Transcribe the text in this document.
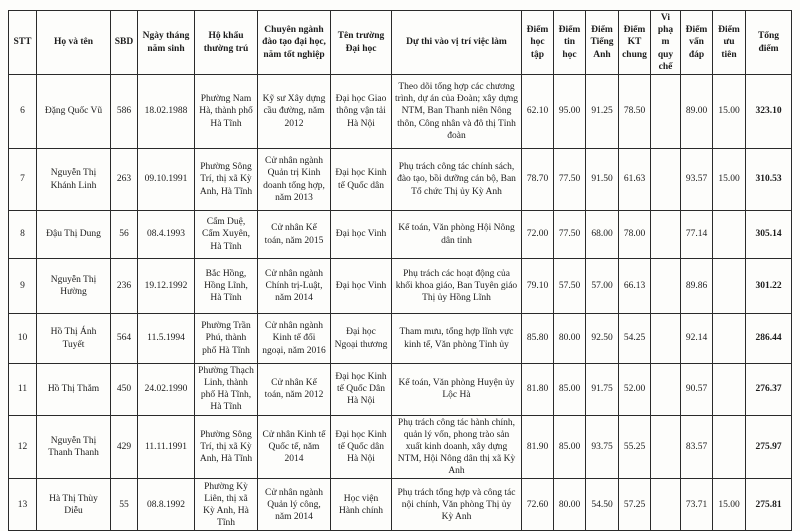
STT	Họ và tên	SBD	Ngày tháng năm sinh	Hộ khẩu thường trú	Chuyên ngành đào tạo đại học, năm tốt nghiệp	Tên trường Đại học	Dự thi vào vị trí việc làm	Điểm học tập	Điểm tin học	Điểm Tiếng Anh	Điểm KT chung	Vi phạm quy chế	Điểm vấn đáp	Điểm ưu tiên	Tổng điểm
6	Đặng Quốc Vũ	586	18.02.1988	Phường Nam Hà, thành phố Hà Tĩnh	Kỹ sư Xây dựng cầu đường, năm 2012	Đại học Giao thông vận tải Hà Nội	Theo dõi tổng hợp các chương trình, dự án của Đoàn; xây dựng NTM, Ban Thanh niên Nông thôn, Công nhân và đô thị Tỉnh đoàn	62.10	95.00	91.25	78.50		89.00	15.00	323.10
7	Nguyễn Thị Khánh Linh	263	09.10.1991	Phường Sông Trí, thị xã Kỳ Anh, Hà Tĩnh	Cử nhân ngành Quản trị Kinh doanh tổng hợp, năm 2013	Đại học Kinh tế Quốc dân	Phụ trách công tác chính sách, đào tạo, bồi dưỡng cán bộ, Ban Tổ chức Thị ủy Kỳ Anh	78.70	77.50	91.50	61.63		93.57	15.00	310.53
8	Đậu Thị Dung	56	08.4.1993	Cẩm Duệ, Cẩm Xuyên, Hà Tĩnh	Cử nhân Kế toán, năm 2015	Đại học Vinh	Kế toán, Văn phòng Hội Nông dân tỉnh	72.00	77.50	68.00	78.00		77.14		305.14
9	Nguyễn Thị Hường	236	19.12.1992	Bắc Hồng, Hồng Lĩnh, Hà Tĩnh	Cử nhân ngành Chính trị-Luật, năm 2014	Đại học Vinh	Phụ trách các hoạt động của khối khoa giáo, Ban Tuyên giáo Thị ủy Hồng Lĩnh	79.10	57.50	57.00	66.13		89.86		301.22
10	Hồ Thị Ánh Tuyết	564	11.5.1994	Phường Trần Phú, thành phố Hà Tĩnh	Cử nhân ngành Kinh tế đối ngoại, năm 2016	Đại học Ngoại thương	Tham mưu, tổng hợp lĩnh vực kinh tế, Văn phòng Tỉnh ủy	85.80	80.00	92.50	54.25		92.14		286.44
11	Hồ Thị Thắm	450	24.02.1990	Phường Thạch Linh, thành phố Hà Tĩnh, Hà Tĩnh	Cử nhân Kế toán, năm 2012	Đại học Kinh tế Quốc Dân Hà Nội	Kế toán, Văn phòng Huyện ủy Lộc Hà	81.80	85.00	91.75	52.00		90.57		276.37
12	Nguyễn Thị Thanh Thanh	429	11.11.1991	Phường Sông Trí, thị xã Kỳ Anh, Hà Tĩnh	Cử nhân Kinh tế Quốc tế, năm 2014	Đại học Kinh tế Quốc dân Hà Nội	Phụ trách công tác hành chính, quản lý vốn, phong trào sản xuất kinh doanh, xây dựng NTM, Hội Nông dân thị xã Kỳ Anh	81.90	85.00	93.75	55.25		83.57		275.97
13	Hà Thị Thùy Diễu	55	08.8.1992	Phường Kỳ Liên, thị xã Kỳ Anh, Hà Tĩnh	Cử nhân ngành Quản lý công, năm 2014	Học viện Hành chính	Phụ trách tổng hợp và công tác nội chính, Văn phòng Thị ủy Kỳ Anh	72.60	80.00	54.50	57.25		73.71	15.00	275.81
